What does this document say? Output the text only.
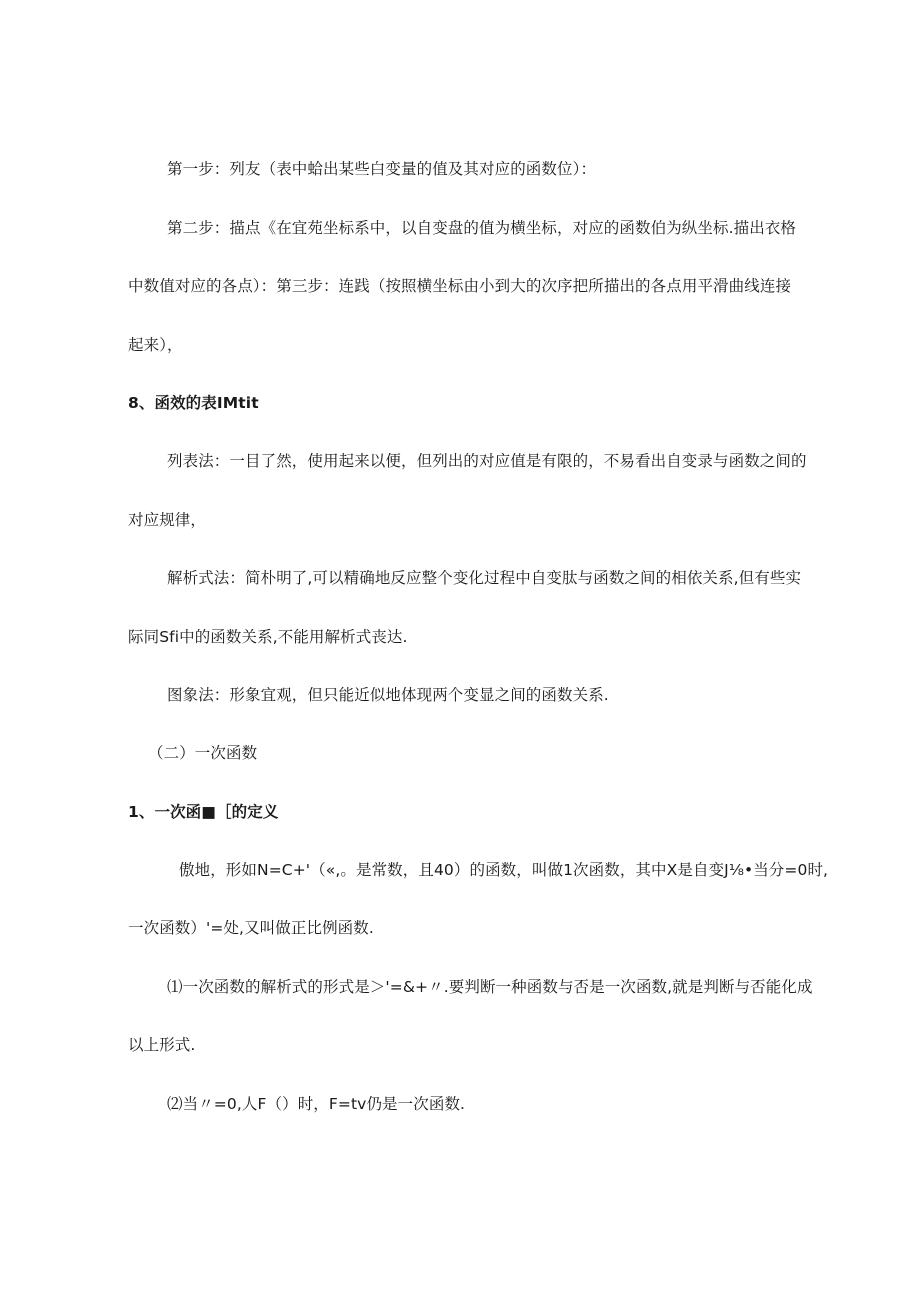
第一步：列友（表中蛤出某些白变量的值及其对应的函数位）：
第二步：描点《在宜苑坐标系中，以自变盘的值为横坐标，对应的函数伯为纵坐标.描出衣格
中数值对应的各点）：第三步：连践（按照横坐标由小到大的次序把所描出的各点用平滑曲线连接
起来），
8、函效的表IMtit
列表法：一目了然，使用起来以便，但列出的对应值是有限的，不易看出自变录与函数之间的
对应规律，
解析式法：简朴明了,可以精确地反应整个变化过程中自变肽与函数之间的相依关系,但有些实
际同Sfi中的函数关系,不能用解析式丧达.
图象法：形象宜观，但只能近似地体现两个变显之间的函数关系.
（二）一次函数
1、一次函■［的定义
傲地，形如N=C+'（«,。是常数，且40）的函数，叫做1次函数，其中X是自变J⅛•当分=0时,
一次函数）'=处,又叫做正比例函数.
⑴一次函数的解析式的形式是＞'=&+〃.要判断一种函数与否是一次函数,就是判断与否能化成
以上形式.
⑵当〃=0,人F（）时，F=tv仍是一次函数.
